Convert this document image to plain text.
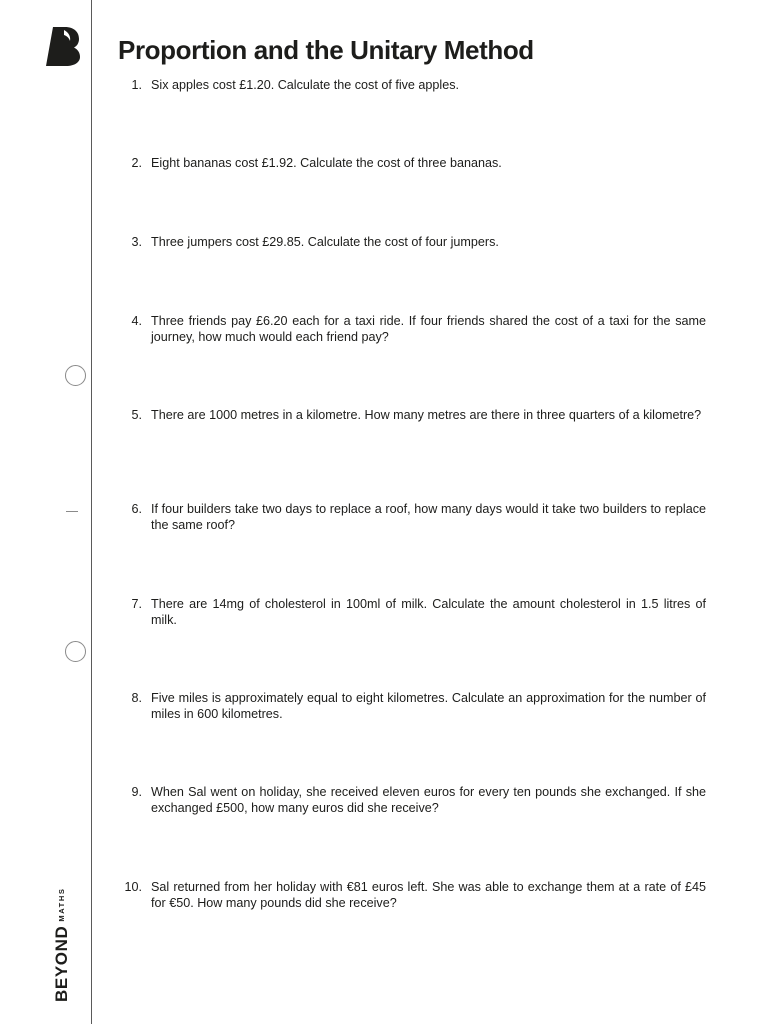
Proportion and the Unitary Method
1. Six apples cost £1.20. Calculate the cost of five apples.
2. Eight bananas cost £1.92. Calculate the cost of three bananas.
3. Three jumpers cost £29.85. Calculate the cost of four jumpers.
4. Three friends pay £6.20 each for a taxi ride. If four friends shared the cost of a taxi for the same journey, how much would each friend pay?
5. There are 1000 metres in a kilometre. How many metres are there in three quarters of a kilometre?
6. If four builders take two days to replace a roof, how many days would it take two builders to replace the same roof?
7. There are 14mg of cholesterol in 100ml of milk. Calculate the amount cholesterol in 1.5 litres of milk.
8. Five miles is approximately equal to eight kilometres. Calculate an approximation for the number of miles in 600 kilometres.
9. When Sal went on holiday, she received eleven euros for every ten pounds she exchanged. If she exchanged £500, how many euros did she receive?
10. Sal returned from her holiday with €81 euros left. She was able to exchange them at a rate of £45 for €50. How many pounds did she receive?
BEYONDMATHS
